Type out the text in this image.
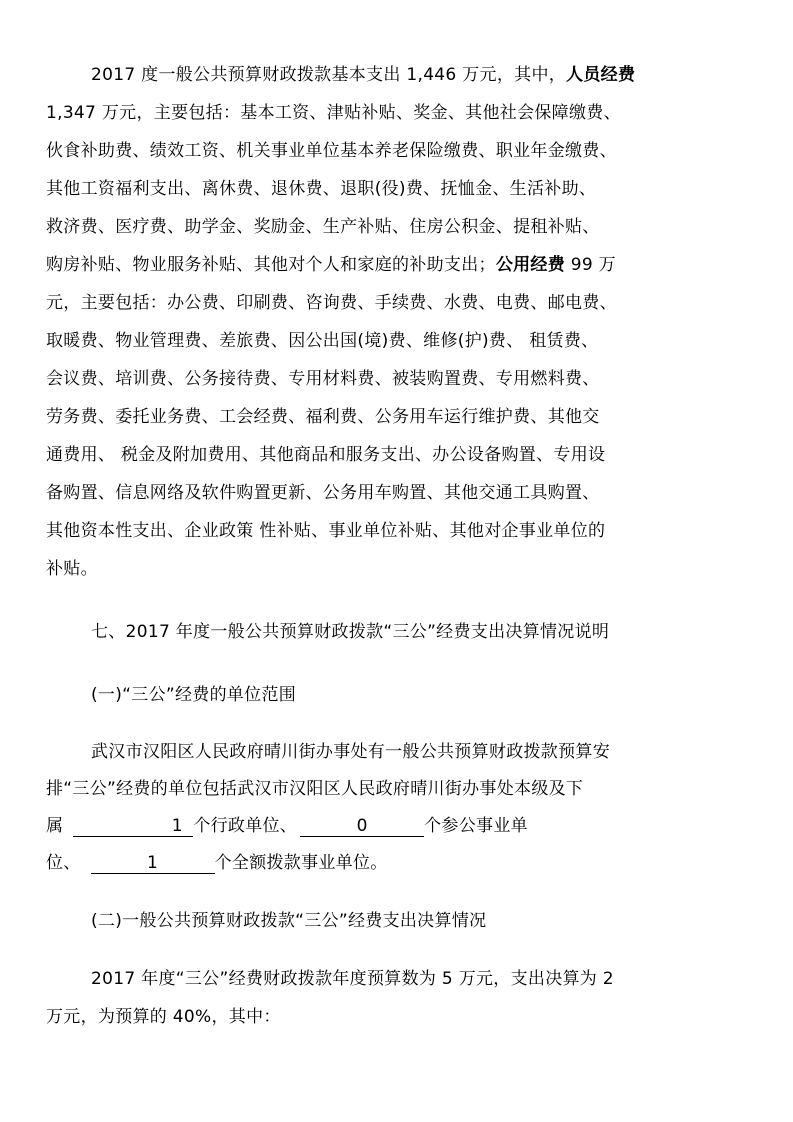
2017 度一般公共预算财政拨款基本支出 1,446 万元，其中，人员经费
1,347 万元，主要包括：基本工资、津贴补贴、奖金、其他社会保障缴费、
伙食补助费、绩效工资、机关事业单位基本养老保险缴费、职业年金缴费、
其他工资福利支出、离休费、退休费、退职(役)费、抚恤金、生活补助、
救济费、医疗费、助学金、奖励金、生产补贴、住房公积金、提租补贴、
购房补贴、物业服务补贴、其他对个人和家庭的补助支出；公用经费 99 万
元，主要包括：办公费、印刷费、咨询费、手续费、水费、电费、邮电费、
取暖费、物业管理费、差旅费、因公出国(境)费、维修(护)费、 租赁费、
会议费、培训费、公务接待费、专用材料费、被装购置费、专用燃料费、
劳务费、委托业务费、工会经费、福利费、公务用车运行维护费、其他交
通费用、 税金及附加费用、其他商品和服务支出、办公设备购置、专用设
备购置、信息网络及软件购置更新、公务用车购置、其他交通工具购置、
其他资本性支出、企业政策 性补贴、事业单位补贴、其他对企事业单位的
补贴。
七、2017 年度一般公共预算财政拨款“三公”经费支出决算情况说明
(一)“三公”经费的单位范围
武汉市汉阳区人民政府晴川街办事处有一般公共预算财政拨款预算安
排“三公”经费的单位包括武汉市汉阳区人民政府晴川街办事处本级及下
属	1 个行政单位、	0	个参公事业单
位、	1	个全额拨款事业单位。
(二)一般公共预算财政拨款“三公”经费支出决算情况
2017 年度“三公”经费财政拨款年度预算数为 5 万元，支出决算为 2
万元，为预算的 40%，其中：
